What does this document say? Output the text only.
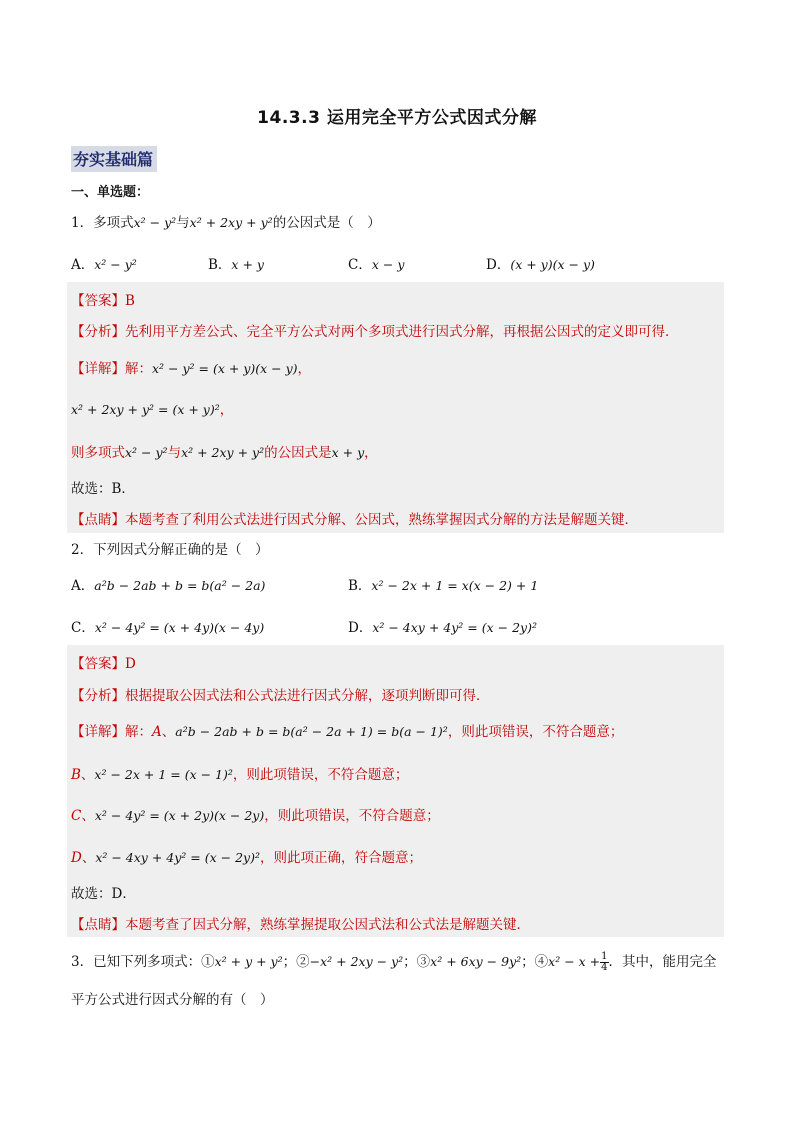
14.3.3 运用完全平方公式因式分解
夯实基础篇
一、单选题：
1．多项式x² − y²与x² + 2xy + y²的公因式是（　）
A．x² − y²	B．x + y	C．x − y	D．(x + y)(x − y)
【答案】B
【分析】先利用平方差公式、完全平方公式对两个多项式进行因式分解，再根据公因式的定义即可得．
【详解】解：x² − y² = (x + y)(x − y)，
x² + 2xy + y² = (x + y)²，
则多项式x² − y²与x² + 2xy + y²的公因式是x + y，
故选：B．
【点睛】本题考查了利用公式法进行因式分解、公因式，熟练掌握因式分解的方法是解题关键．
2．下列因式分解正确的是（　）
A．a²b − 2ab + b = b(a² − 2a)	B．x² − 2x + 1 = x(x − 2) + 1
C．x² − 4y² = (x + 4y)(x − 4y)	D．x² − 4xy + 4y² = (x − 2y)²
【答案】D
【分析】根据提取公因式法和公式法进行因式分解，逐项判断即可得．
【详解】解：A、a²b − 2ab + b = b(a² − 2a + 1) = b(a − 1)²，则此项错误，不符合题意；
B、x² − 2x + 1 = (x − 1)²，则此项错误，不符合题意；
C、x² − 4y² = (x + 2y)(x − 2y)，则此项错误，不符合题意；
D、x² − 4xy + 4y² = (x − 2y)²，则此项正确，符合题意；
故选：D．
【点睛】本题考查了因式分解，熟练掌握提取公因式法和公式法是解题关键．
3．已知下列多项式：①x² + y + y²；②−x² + 2xy − y²；③x² + 6xy − 9y²；④x² − $x + \frac{1}{4}$ ．其中，能用完全
平方公式进行因式分解的有（　）
